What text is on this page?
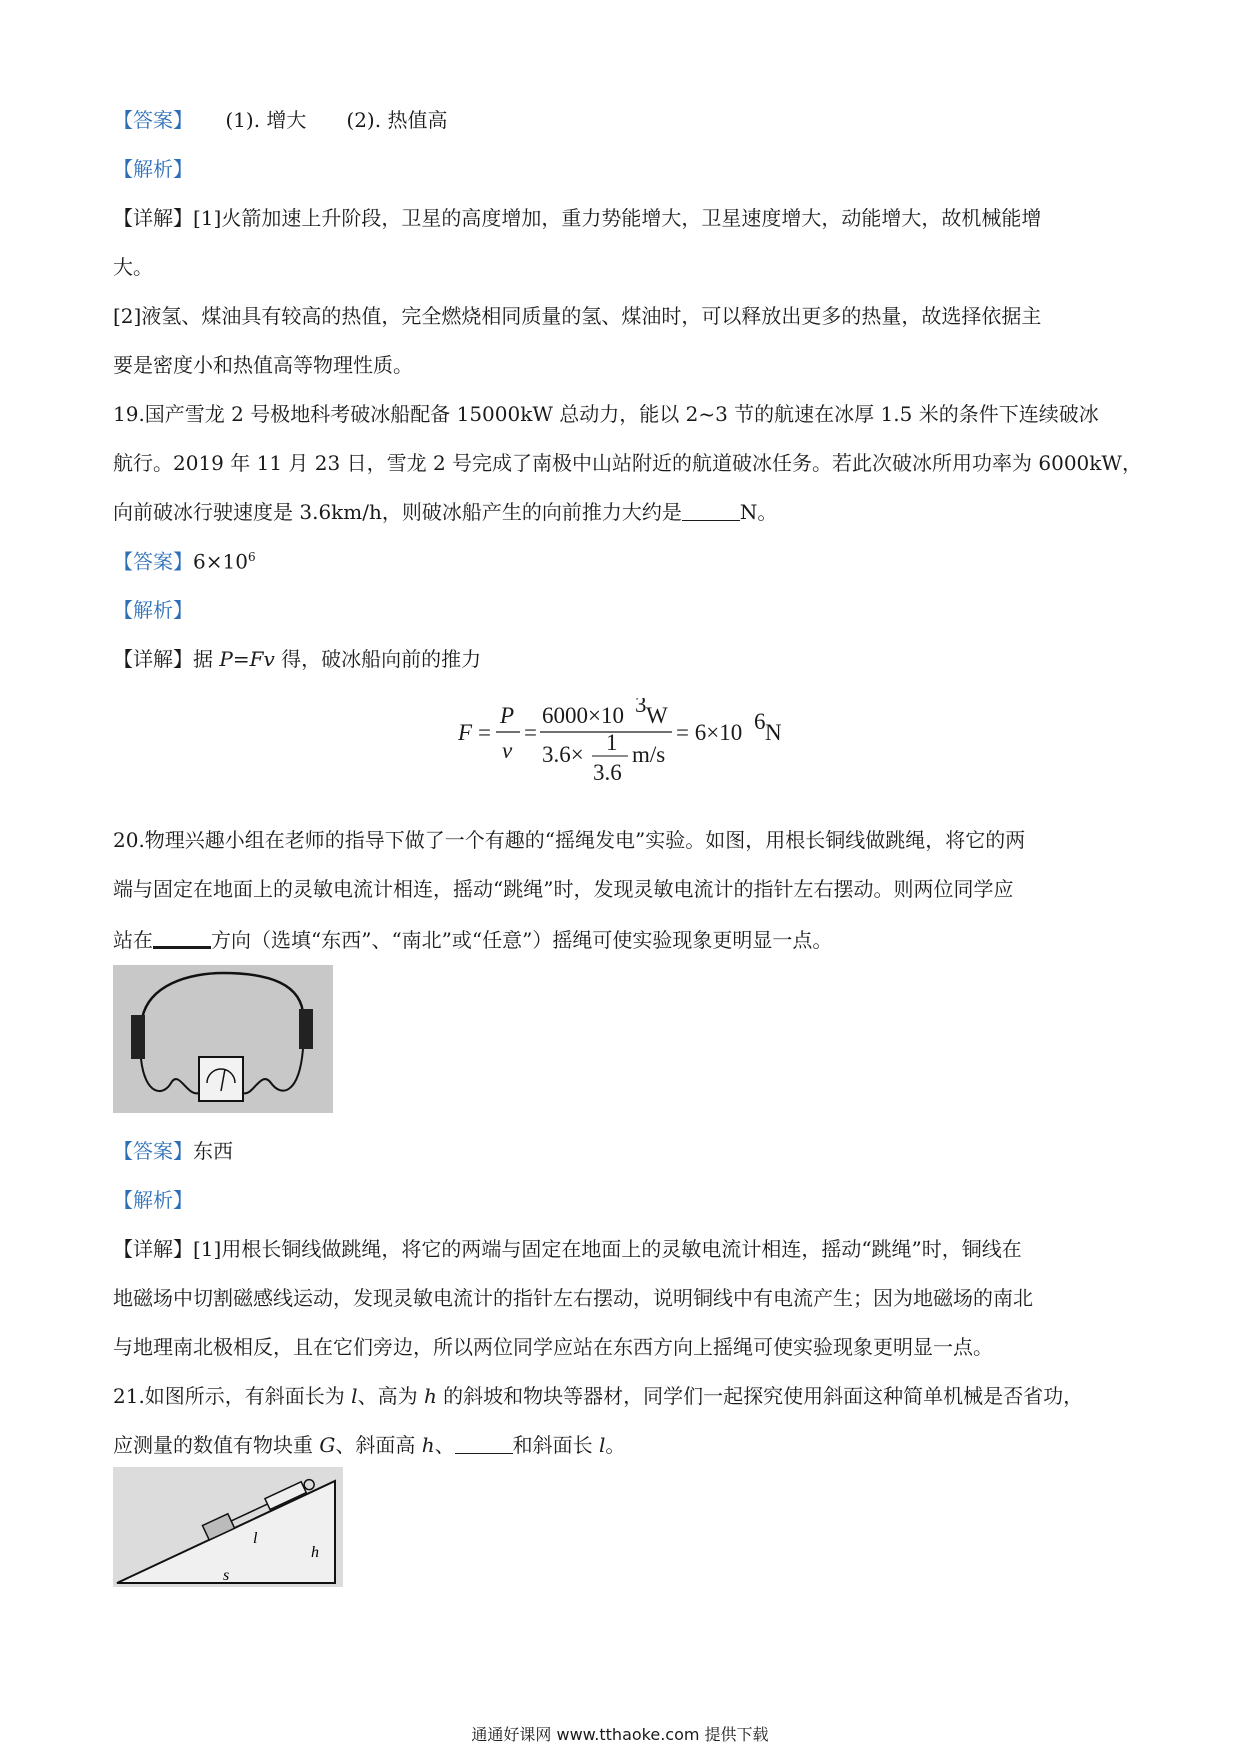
【答案】 (1). 增大　　(2). 热值高
【解析】
【详解】[1]火箭加速上升阶段，卫星的高度增加，重力势能增大，卫星速度增大，动能增大，故机械能增
大。
[2]液氢、煤油具有较高的热值，完全燃烧相同质量的氢、煤油时，可以释放出更多的热量，故选择依据主
要是密度小和热值高等物理性质。
19.国产雪龙 2 号极地科考破冰船配备 15000kW 总动力，能以 2~3 节的航速在冰厚 1.5 米的条件下连续破冰
航行。2019 年 11 月 23 日，雪龙 2 号完成了南极中山站附近的航道破冰任务。若此次破冰所用功率为 6000kW，
向前破冰行驶速度是 3.6km/h，则破冰船产生的向前推力大约是	N。
【答案】$6\times 10^6$
【解析】
【详解】据 P=Fv 得，破冰船向前的推力
F =
P
v
=
6000×10 3 W
3.6× 1
3.6
m/s
= 6×10 6 N
20.物理兴趣小组在老师的指导下做了一个有趣的“摇绳发电”实验。如图，用根长铜线做跳绳，将它的两
端与固定在地面上的灵敏电流计相连，摇动“跳绳”时，发现灵敏电流计的指针左右摆动。则两位同学应
站在	方向（选填“东西”、“南北”或“任意”）摇绳可使实验现象更明显一点。
【答案】东西
【解析】
【详解】[1]用根长铜线做跳绳，将它的两端与固定在地面上的灵敏电流计相连，摇动“跳绳”时，铜线在
地磁场中切割磁感线运动，发现灵敏电流计的指针左右摆动，说明铜线中有电流产生；因为地磁场的南北
与地理南北极相反，且在它们旁边，所以两位同学应站在东西方向上摇绳可使实验现象更明显一点。
21.如图所示，有斜面长为 l、高为 h 的斜坡和物块等器材，同学们一起探究使用斜面这种简单机械是否省功，
应测量的数值有物块重 G、斜面高 h、	和斜面长 l。
l
h
s
通通好课网 www.tthaoke.com 提供下载
